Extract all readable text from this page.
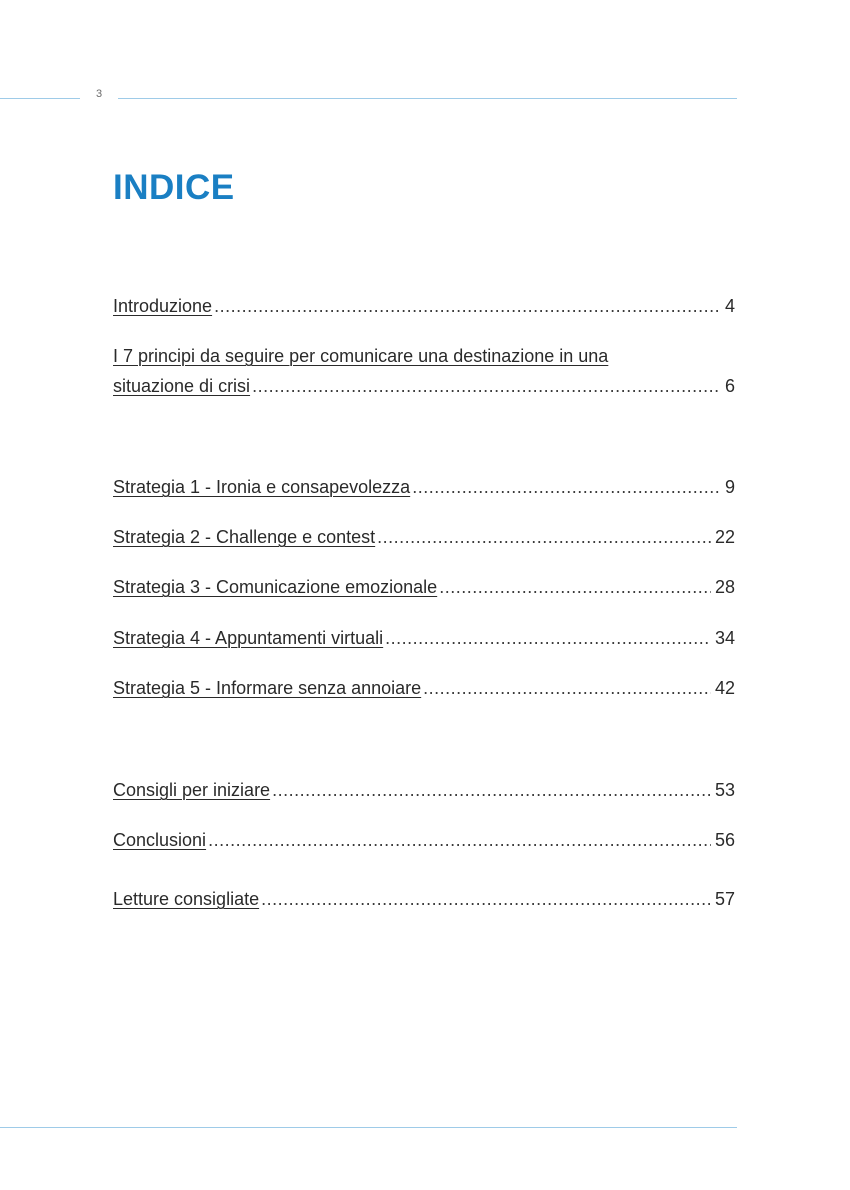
3
INDICE
Introduzione .....	4
I 7 principi da seguire per comunicare una destinazione in una
situazione di crisi .....	6
Strategia 1 - Ironia e consapevolezza .....	9
Strategia 2 - Challenge e contest .....	22
Strategia 3 - Comunicazione emozionale .....	28
Strategia 4 - Appuntamenti virtuali .....	34
Strategia 5 - Informare senza annoiare .....	42
Consigli per iniziare .....	53
Conclusioni .....	56
Letture consigliate .....	57
